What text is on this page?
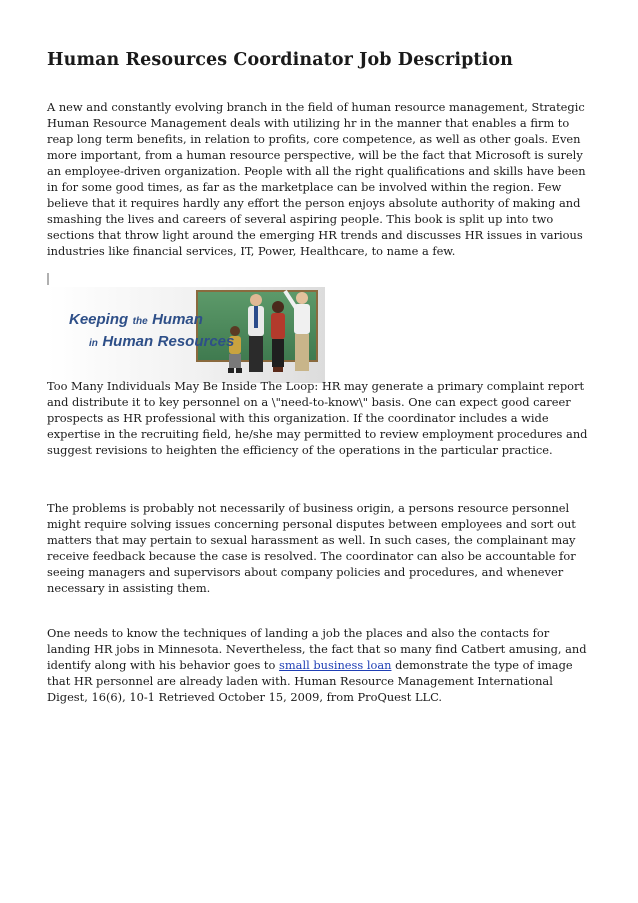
Human Resources Coordinator Job Description

A new and constantly evolving branch in the field of human resource management, Strategic Human Resource Management deals with utilizing hr in the manner that enables a firm to reap long term benefits, in relation to profits, core competence, as well as other goals. Even more important, from a human resource perspective, will be the fact that Microsoft is surely an employee-driven organization. People with all the right qualifications and skills have been in for some good times, as far as the marketplace can be involved within the region. Few believe that it requires hardly any effort the person enjoys absolute authority of making and smashing the lives and careers of several aspiring people. This book is split up into two sections that throw light around the emerging HR trends and discusses HR issues in various industries like financial services, IT, Power, Healthcare, to name a few.

Keeping the Human
in Human Resources

Too Many Individuals May Be Inside The Loop: HR may generate a primary complaint report and distribute it to key personnel on a \"need-to-know\" basis. One can expect good career prospects as HR professional with this organization. If the coordinator includes a wide expertise in the recruiting field, he/she may permitted to review employment procedures and suggest revisions to heighten the efficiency of the operations in the particular practice.

The problems is probably not necessarily of business origin, a persons resource personnel might require solving issues concerning personal disputes between employees and sort out matters that may pertain to sexual harassment as well. In such cases, the complainant may receive feedback because the case is resolved. The coordinator can also be accountable for seeing managers and supervisors about company policies and procedures, and whenever necessary in assisting them.

One needs to know the techniques of landing a job the places and also the contacts for landing HR jobs in Minnesota. Nevertheless, the fact that so many find Catbert amusing, and identify along with his behavior goes to small business loan demonstrate the type of image that HR personnel are already laden with. Human Resource Management International Digest, 16(6), 10-1 Retrieved October 15, 2009, from ProQuest LLC.
